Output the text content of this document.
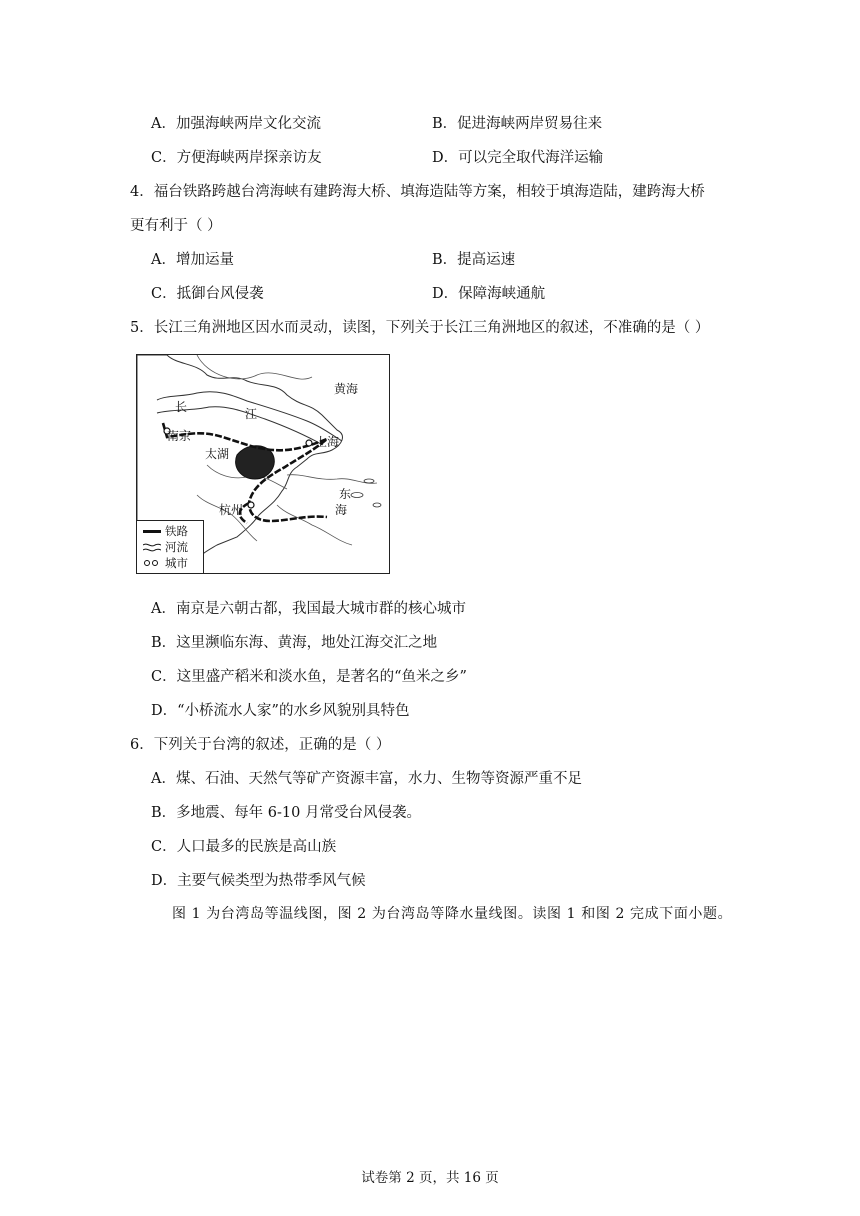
A．加强海峡两岸文化交流	B．促进海峡两岸贸易往来
C．方便海峡两岸探亲访友	D．可以完全取代海洋运输
4．福台铁路跨越台湾海峡有建跨海大桥、填海造陆等方案，相较于填海造陆，建跨海大桥
更有利于（ ）
A．增加运量	B．提高运速
C．抵御台风侵袭	D．保障海峡通航
5．长江三角洲地区因水而灵动，读图，下列关于长江三角洲地区的叙述，不准确的是（ ）
黄海
长	江
南京
太湖
上海
东
海
杭州
铁路
河流
城市
A．南京是六朝古都，我国最大城市群的核心城市
B．这里濒临东海、黄海，地处江海交汇之地
C．这里盛产稻米和淡水鱼，是著名的“鱼米之乡”
D．“小桥流水人家”的水乡风貌别具特色
6．下列关于台湾的叙述，正确的是（ ）
A．煤、石油、天然气等矿产资源丰富，水力、生物等资源严重不足
B．多地震、每年 6-10 月常受台风侵袭。
C．人口最多的民族是高山族
D．主要气候类型为热带季风气候
图 1 为台湾岛等温线图，图 2 为台湾岛等降水量线图。读图 1 和图 2 完成下面小题。
试卷第 2 页，共 16 页
